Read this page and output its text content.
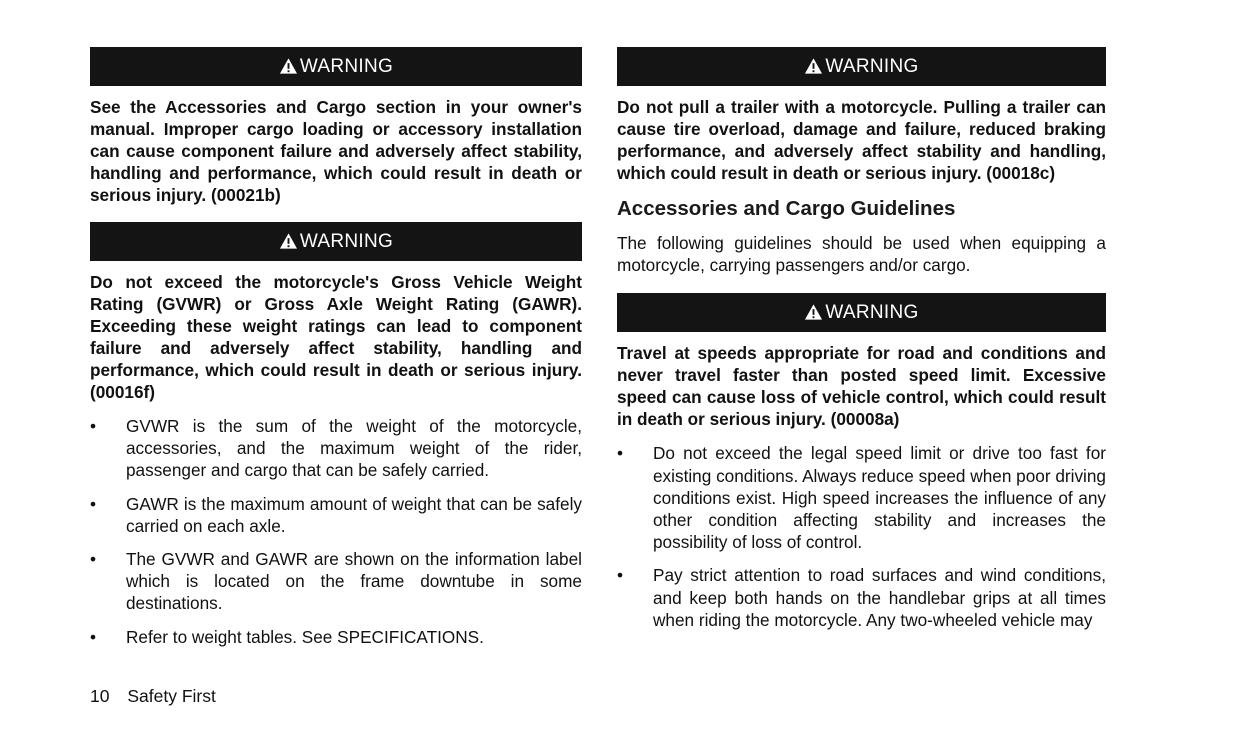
WARNING

See the Accessories and Cargo section in your owner's manual. Improper cargo loading or accessory installation can cause component failure and adversely affect stability, handling and performance, which could result in death or serious injury. (00021b)

WARNING

Do not exceed the motorcycle's Gross Vehicle Weight Rating (GVWR) or Gross Axle Weight Rating (GAWR). Exceeding these weight ratings can lead to component failure and adversely affect stability, handling and performance, which could result in death or serious injury. (00016f)

• GVWR is the sum of the weight of the motorcycle, accessories, and the maximum weight of the rider, passenger and cargo that can be safely carried.
• GAWR is the maximum amount of weight that can be safely carried on each axle.
• The GVWR and GAWR are shown on the information label which is located on the frame downtube in some destinations.
• Refer to weight tables. See SPECIFICATIONS.
WARNING

Do not pull a trailer with a motorcycle. Pulling a trailer can cause tire overload, damage and failure, reduced braking performance, and adversely affect stability and handling, which could result in death or serious injury. (00018c)

Accessories and Cargo Guidelines

The following guidelines should be used when equipping a motorcycle, carrying passengers and/or cargo.

WARNING

Travel at speeds appropriate for road and conditions and never travel faster than posted speed limit. Excessive speed can cause loss of vehicle control, which could result in death or serious injury. (00008a)

• Do not exceed the legal speed limit or drive too fast for existing conditions. Always reduce speed when poor driving conditions exist. High speed increases the influence of any other condition affecting stability and increases the possibility of loss of control.
• Pay strict attention to road surfaces and wind conditions, and keep both hands on the handlebar grips at all times when riding the motorcycle. Any two-wheeled vehicle may
10 Safety First
